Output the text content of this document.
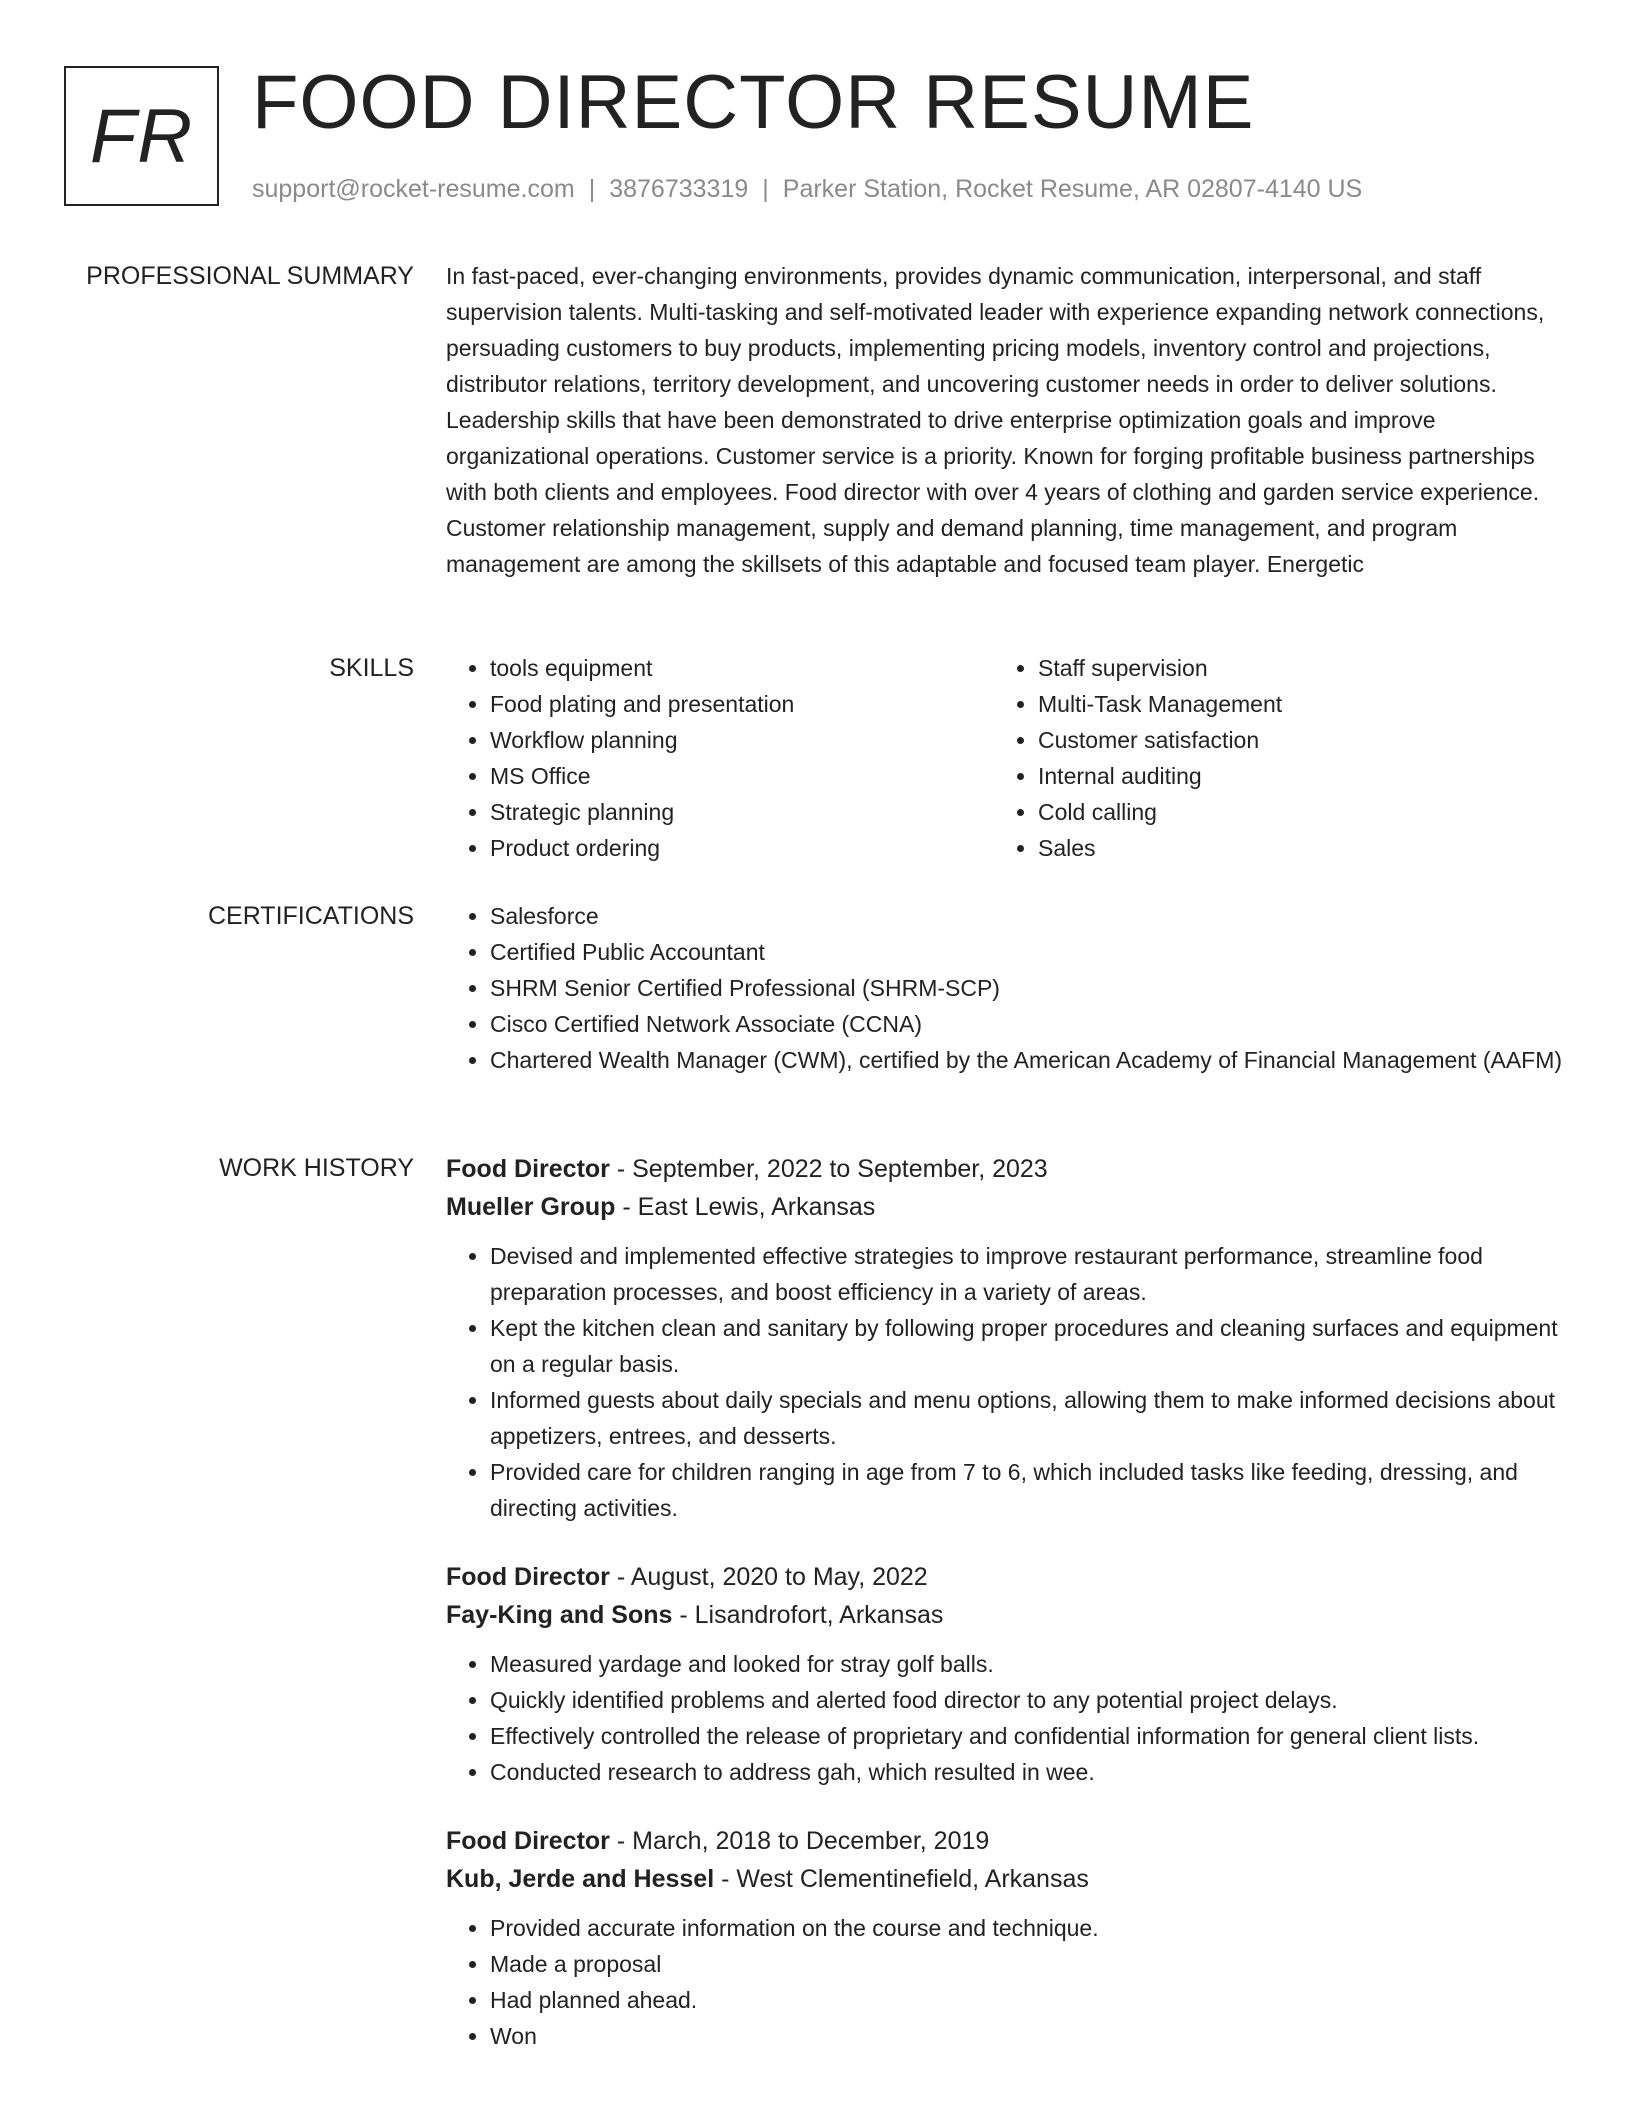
FR FOOD DIRECTOR RESUME
support@rocket-resume.com | 3876733319 | Parker Station, Rocket Resume, AR 02807-4140 US
PROFESSIONAL SUMMARY In fast-paced, ever-changing environments, provides dynamic communication, interpersonal, and staff supervision talents. Multi-tasking and self-motivated leader with experience expanding network connections, persuading customers to buy products, implementing pricing models, inventory control and projections, distributor relations, territory development, and uncovering customer needs in order to deliver solutions. Leadership skills that have been demonstrated to drive enterprise optimization goals and improve organizational operations. Customer service is a priority. Known for forging profitable business partnerships with both clients and employees. Food director with over 4 years of clothing and garden service experience. Customer relationship management, supply and demand planning, time management, and program management are among the skillsets of this adaptable and focused team player. Energetic

SKILLS	• tools equipment
• Food plating and presentation
• Workflow planning
• MS Office
• Strategic planning
• Product ordering
• Staff supervision
• Multi-Task Management
• Customer satisfaction
• Internal auditing
• Cold calling
• Sales
CERTIFICATIONS	• Salesforce
• Certified Public Accountant
• SHRM Senior Certified Professional (SHRM-SCP)
• Cisco Certified Network Associate (CCNA)
• Chartered Wealth Manager (CWM), certified by the American Academy of Financial Management (AAFM)
WORK HISTORY Food Director - September, 2022 to September, 2023
Mueller Group - East Lewis, Arkansas
• Devised and implemented effective strategies to improve restaurant performance, streamline food preparation processes, and boost efficiency in a variety of areas.
• Kept the kitchen clean and sanitary by following proper procedures and cleaning surfaces and equipment on a regular basis.
• Informed guests about daily specials and menu options, allowing them to make informed decisions about appetizers, entrees, and desserts.
• Provided care for children ranging in age from 7 to 6, which included tasks like feeding, dressing, and directing activities.
Food Director - August, 2020 to May, 2022
Fay-King and Sons - Lisandrofort, Arkansas
• Measured yardage and looked for stray golf balls.
• Quickly identified problems and alerted food director to any potential project delays.
• Effectively controlled the release of proprietary and confidential information for general client lists.
• Conducted research to address gah, which resulted in wee.
Food Director - March, 2018 to December, 2019
Kub, Jerde and Hessel - West Clementinefield, Arkansas
• Provided accurate information on the course and technique.
• Made a proposal
• Had planned ahead.
• Won
